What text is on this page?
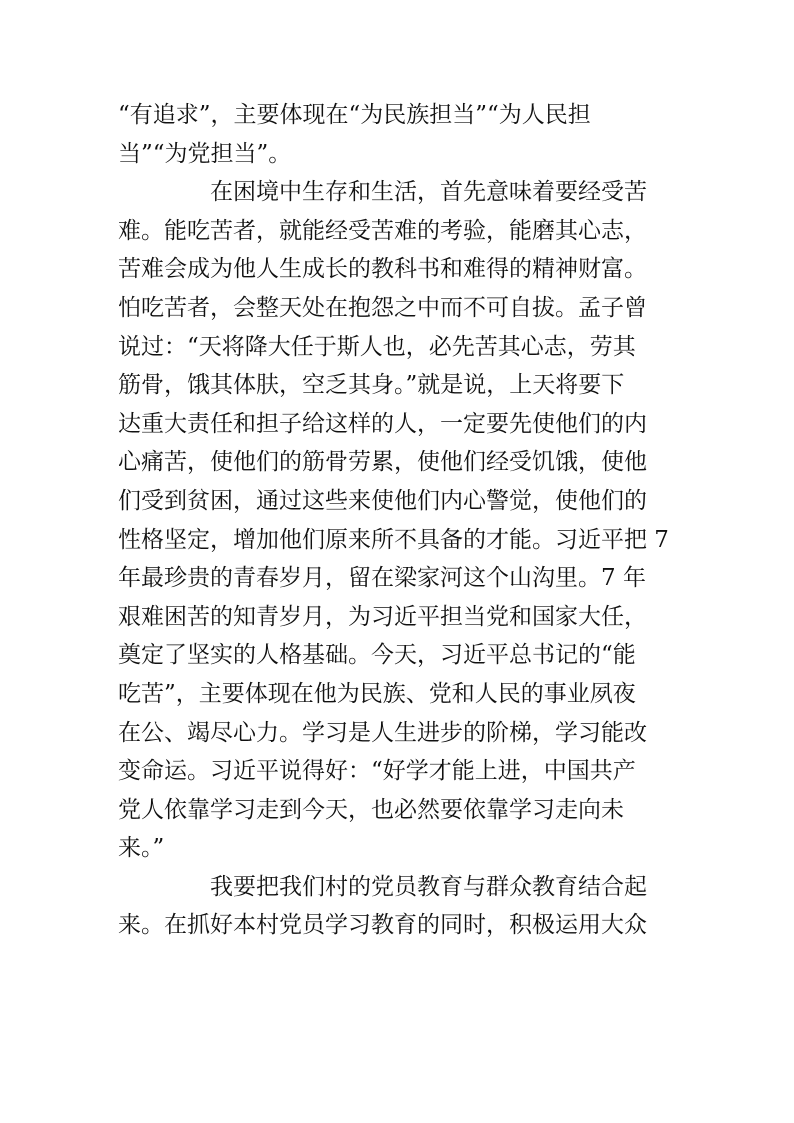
“有追求”，主要体现在“为民族担当”“为人民担
当”“为党担当”。
在困境中生存和生活，首先意味着要经受苦
难。能吃苦者，就能经受苦难的考验，能磨其心志，
苦难会成为他人生成长的教科书和难得的精神财富。
怕吃苦者，会整天处在抱怨之中而不可自拔。孟子曾
说过：“天将降大任于斯人也，必先苦其心志，劳其
筋骨，饿其体肤，空乏其身。”就是说，上天将要下
达重大责任和担子给这样的人，一定要先使他们的内
心痛苦，使他们的筋骨劳累，使他们经受饥饿，使他
们受到贫困，通过这些来使他们内心警觉，使他们的
性格坚定，增加他们原来所不具备的才能。习近平把 7
年最珍贵的青春岁月，留在梁家河这个山沟里。7 年
艰难困苦的知青岁月，为习近平担当党和国家大任，
奠定了坚实的人格基础。今天，习近平总书记的“能
吃苦”，主要体现在他为民族、党和人民的事业夙夜
在公、竭尽心力。学习是人生进步的阶梯，学习能改
变命运。习近平说得好：“好学才能上进，中国共产
党人依靠学习走到今天，也必然要依靠学习走向未
来。”
我要把我们村的党员教育与群众教育结合起
来。在抓好本村党员学习教育的同时，积极运用大众
